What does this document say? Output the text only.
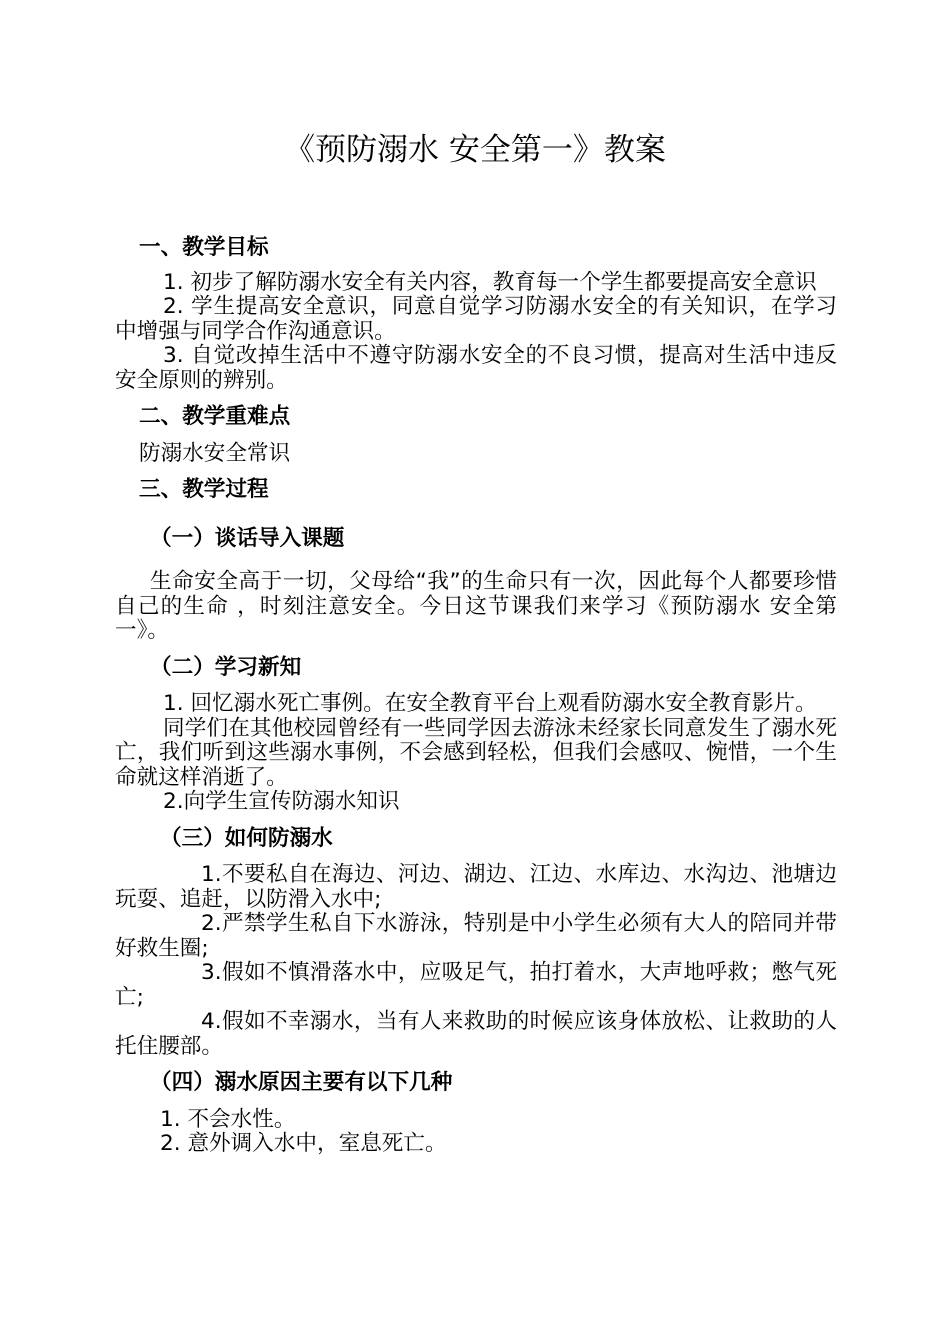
《预防溺水 安全第一》教案
一、教学目标

1. 初步了解防溺水安全有关内容，教育每一个学生都要提高安全意识

2. 学生提高安全意识，同意自觉学习防溺水安全的有关知识，在学习中增强与同学合作沟通意识。

3. 自觉改掉生活中不遵守防溺水安全的不良习惯，提高对生活中违反安全原则的辨别。

二、教学重难点

防溺水安全常识

三、教学过程
（一）谈话导入课题

生命安全高于一切，父母给“我”的生命只有一次，因此每个人都要珍惜自己的生命 ，时刻注意安全。今日这节课我们来学习《预防溺水 安全第一》。

（二）学习新知

1. 回忆溺水死亡事例。在安全教育平台上观看防溺水安全教育影片。

同学们在其他校园曾经有一些同学因去游泳未经家长同意发生了溺水死亡，我们听到这些溺水事例，不会感到轻松，但我们会感叹、惋惜，一个生命就这样消逝了。

2.向学生宣传防溺水知识

（三）如何防溺水

1.不要私自在海边、河边、湖边、江边、水库边、水沟边、池塘边玩耍、追赶，以防滑入水中;

2.严禁学生私自下水游泳，特别是中小学生必须有大人的陪同并带好救生圈;

3.假如不慎滑落水中，应吸足气，拍打着水，大声地呼救；憋气死亡;

4.假如不幸溺水，当有人来救助的时候应该身体放松、让救助的人托住腰部。

（四）溺水原因主要有以下几种

1. 不会水性。

2. 意外调入水中，室息死亡。
